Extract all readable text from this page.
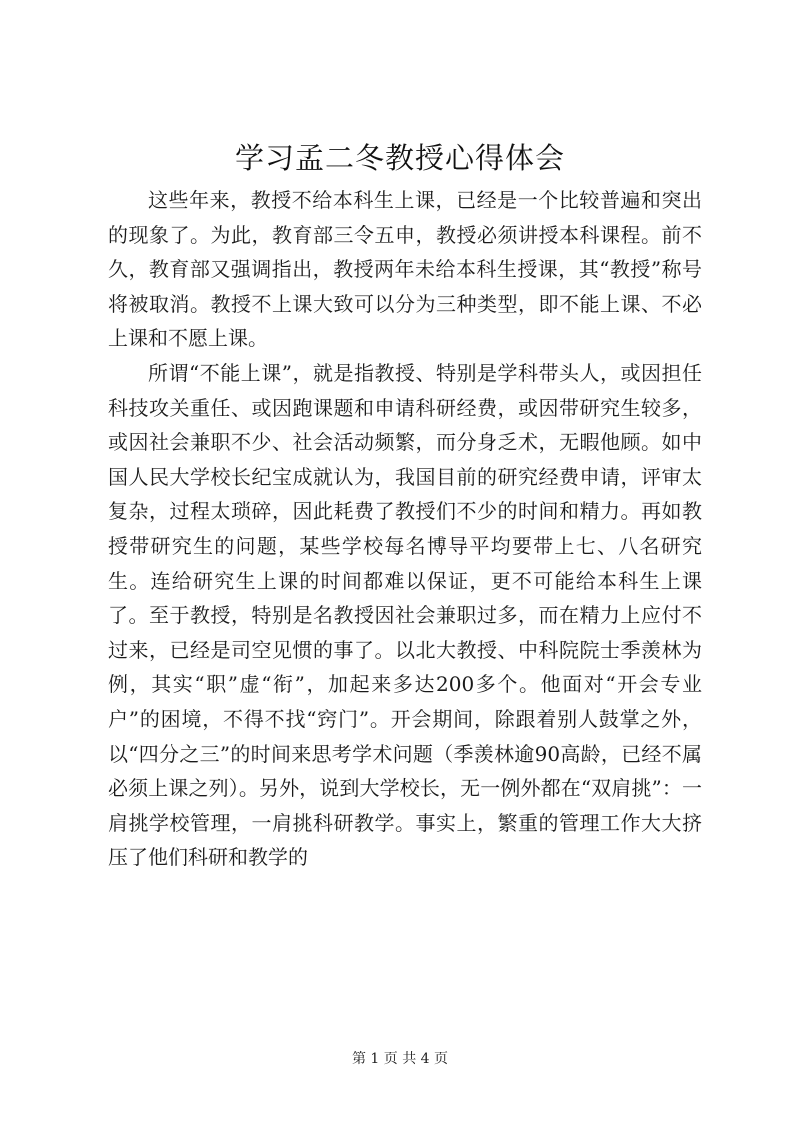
学习孟二冬教授心得体会

这些年来，教授不给本科生上课，已经是一个比较普遍和突出的现象了。为此，教育部三令五申，教授必须讲授本科课程。前不久，教育部又强调指出，教授两年未给本科生授课，其“教授”称号将被取消。教授不上课大致可以分为三种类型，即不能上课、不必上课和不愿上课。

所谓“不能上课”，就是指教授、特别是学科带头人，或因担任科技攻关重任、或因跑课题和申请科研经费，或因带研究生较多，或因社会兼职不少、社会活动频繁，而分身乏术，无暇他顾。如中国人民大学校长纪宝成就认为，我国目前的研究经费申请，评审太复杂，过程太琐碎，因此耗费了教授们不少的时间和精力。再如教授带研究生的问题，某些学校每名博导平均要带上七、八名研究生。连给研究生上课的时间都难以保证，更不可能给本科生上课了。至于教授，特别是名教授因社会兼职过多，而在精力上应付不过来，已经是司空见惯的事了。以北大教授、中科院院士季羡林为例，其实“职”虚“衔”，加起来多达200多个。他面对“开会专业户”的困境，不得不找“窍门”。开会期间，除跟着别人鼓掌之外，以“四分之三”的时间来思考学术问题（季羡林逾90高龄，已经不属必须上课之列）。另外，说到大学校长，无一例外都在“双肩挑”：一肩挑学校管理，一肩挑科研教学。事实上，繁重的管理工作大大挤压了他们科研和教学的

第 1 页 共 4 页
